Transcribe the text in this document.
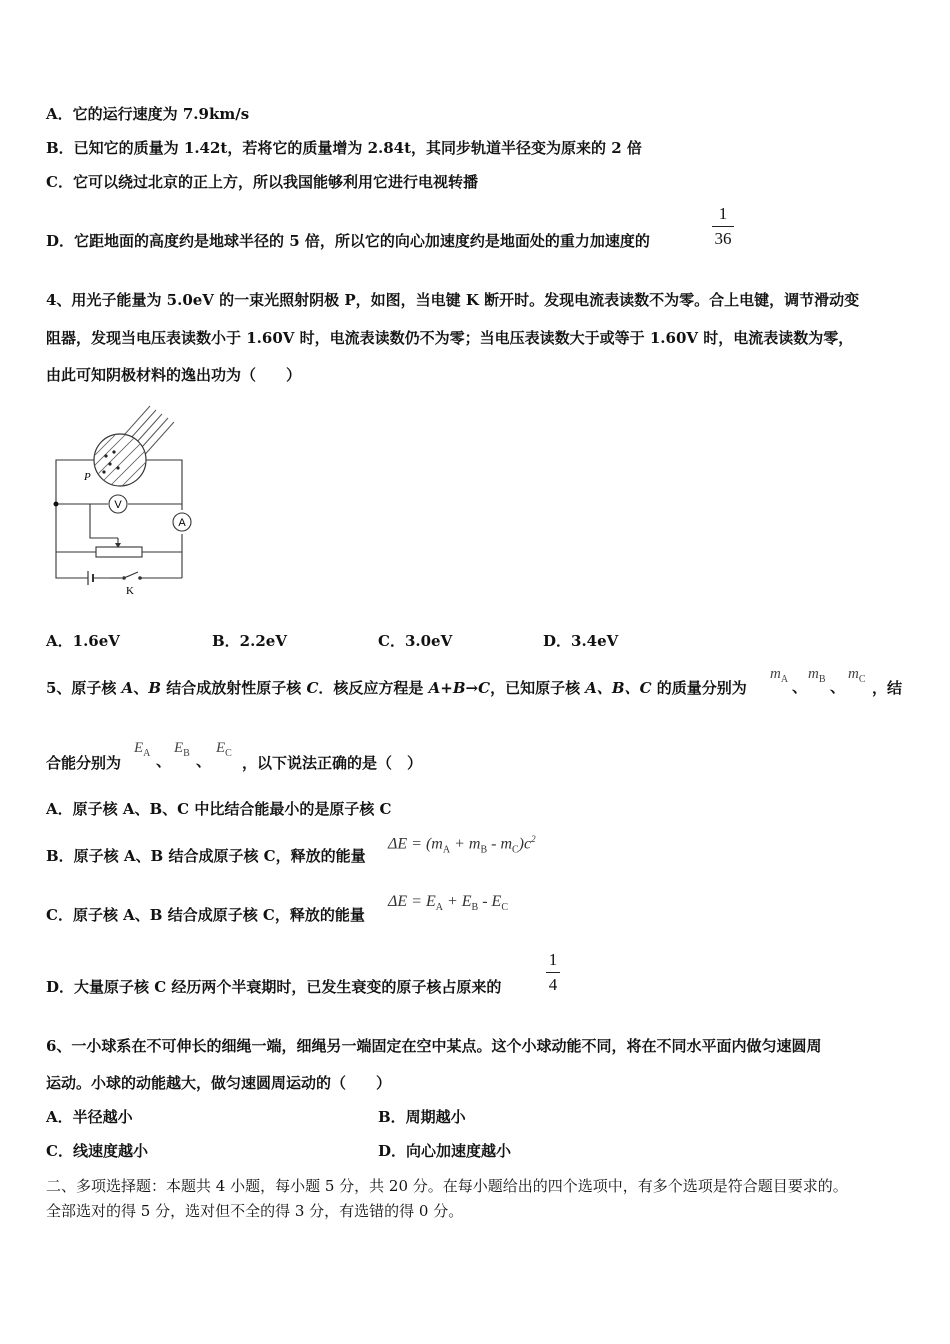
A．它的运行速度为 7.9km/s
B．已知它的质量为 1.42t，若将它的质量增为 2.84t，其同步轨道半径变为原来的 2 倍
C．它可以绕过北京的正上方，所以我国能够利用它进行电视转播
D．它距地面的高度约是地球半径的 5 倍，所以它的向心加速度约是地面处的重力加速度的
1
36
4、用光子能量为 5.0eV 的一束光照射阴极 P，如图，当电键 K 断开时。发现电流表读数不为零。合上电键，调节滑动变
阻器，发现当电压表读数小于 1.60V 时，电流表读数仍不为零；当电压表读数大于或等于 1.60V 时，电流表读数为零，
由此可知阴极材料的逸出功为（　　）
V
A
K
P
A．1.6eV	B．2.2eV	C．3.0eV	D．3.4eV
5、原子核 A、B 结合成放射性原子核 C．核反应方程是 A+B→C，已知原子核 A、B、C 的质量分别为
$m_A$
、
$m_B$
、
$m_C$ ，结
合能分别为
$E_A$
、
$E_B$
、
$E_C$
，以下说法正确的是（　）
A．原子核 A、B、C 中比结合能最小的是原子核 C
B．原子核 A、B 结合成原子核 C，释放的能量
$\Delta E = (m_A + m_B - m_C)c^2$
C．原子核 A、B 结合成原子核 C，释放的能量
$\Delta E = E_A + E_B - E_C$
D．大量原子核 C 经历两个半衰期时，已发生衰变的原子核占原来的
1
4
6、一小球系在不可伸长的细绳一端，细绳另一端固定在空中某点。这个小球动能不同，将在不同水平面内做匀速圆周
运动。小球的动能越大，做匀速圆周运动的（　　）
A．半径越小	B．周期越小
C．线速度越小	D．向心加速度越小
二、多项选择题：本题共 4 小题，每小题 5 分，共 20 分。在每小题给出的四个选项中，有多个选项是符合题目要求的。
全部选对的得 5 分，选对但不全的得 3 分，有选错的得 0 分。
